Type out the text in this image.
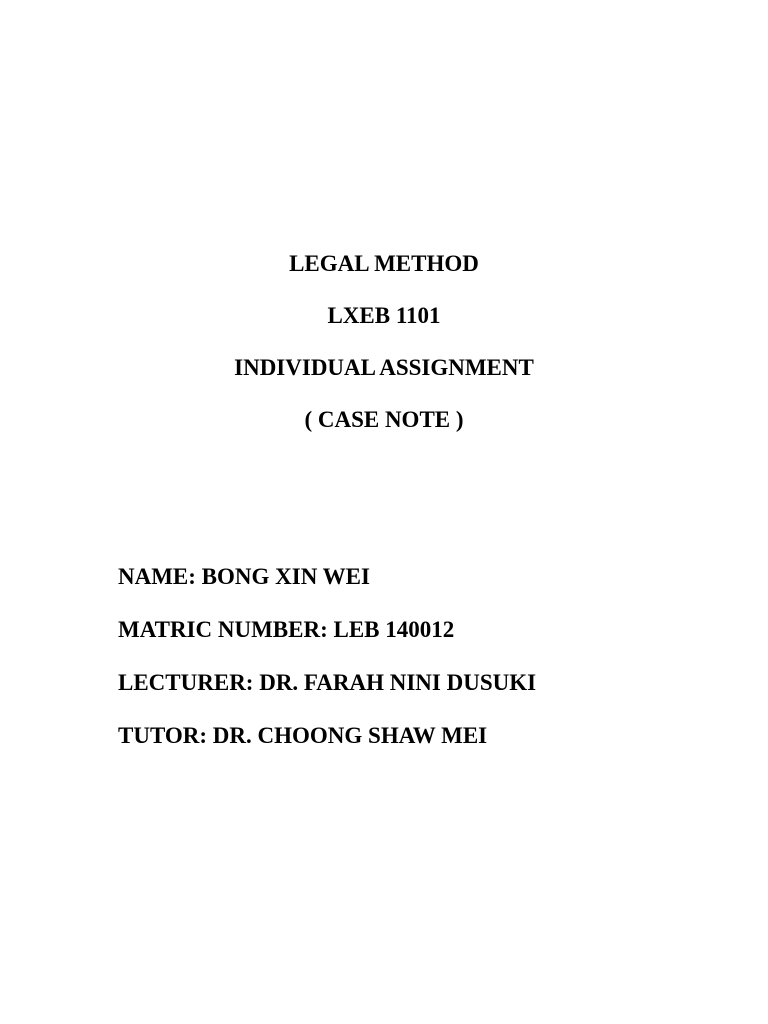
LEGAL METHOD
LXEB 1101
INDIVIDUAL ASSIGNMENT
( CASE NOTE )
NAME: BONG XIN WEI
MATRIC NUMBER: LEB 140012
LECTURER: DR. FARAH NINI DUSUKI
TUTOR: DR. CHOONG SHAW MEI
